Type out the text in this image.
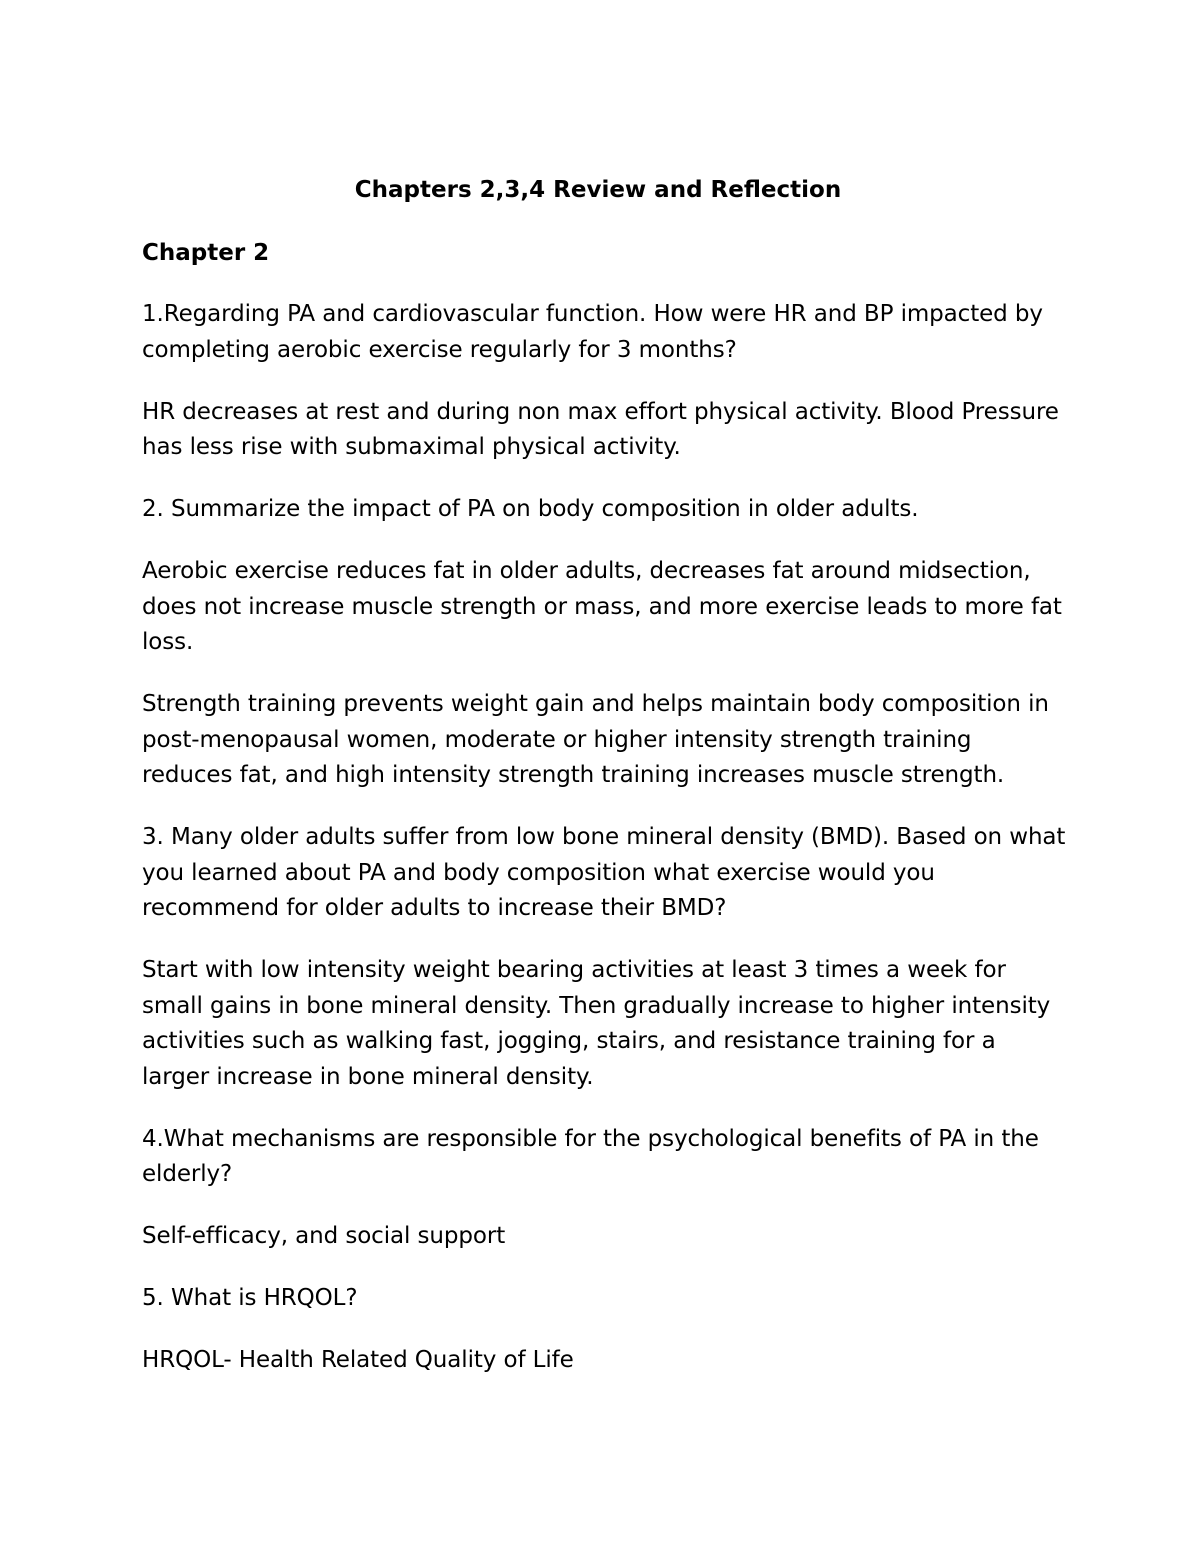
Chapters 2,3,4 Review and Reflection
Chapter 2

1.Regarding PA and cardiovascular function. How were HR and BP impacted by completing aerobic exercise regularly for 3 months?

HR decreases at rest and during non max effort physical activity. Blood Pressure has less rise with submaximal physical activity.

2. Summarize the impact of PA on body composition in older adults.

Aerobic exercise reduces fat in older adults, decreases fat around midsection, does not increase muscle strength or mass, and more exercise leads to more fat loss.

Strength training prevents weight gain and helps maintain body composition in post-menopausal women, moderate or higher intensity strength training reduces fat, and high intensity strength training increases muscle strength.

3. Many older adults suffer from low bone mineral density (BMD). Based on what you learned about PA and body composition what exercise would you recommend for older adults to increase their BMD?

Start with low intensity weight bearing activities at least 3 times a week for small gains in bone mineral density. Then gradually increase to higher intensity activities such as walking fast, jogging, stairs, and resistance training for a larger increase in bone mineral density.

4.What mechanisms are responsible for the psychological benefits of PA in the elderly?

Self-efficacy, and social support

5. What is HRQOL?

HRQOL- Health Related Quality of Life
